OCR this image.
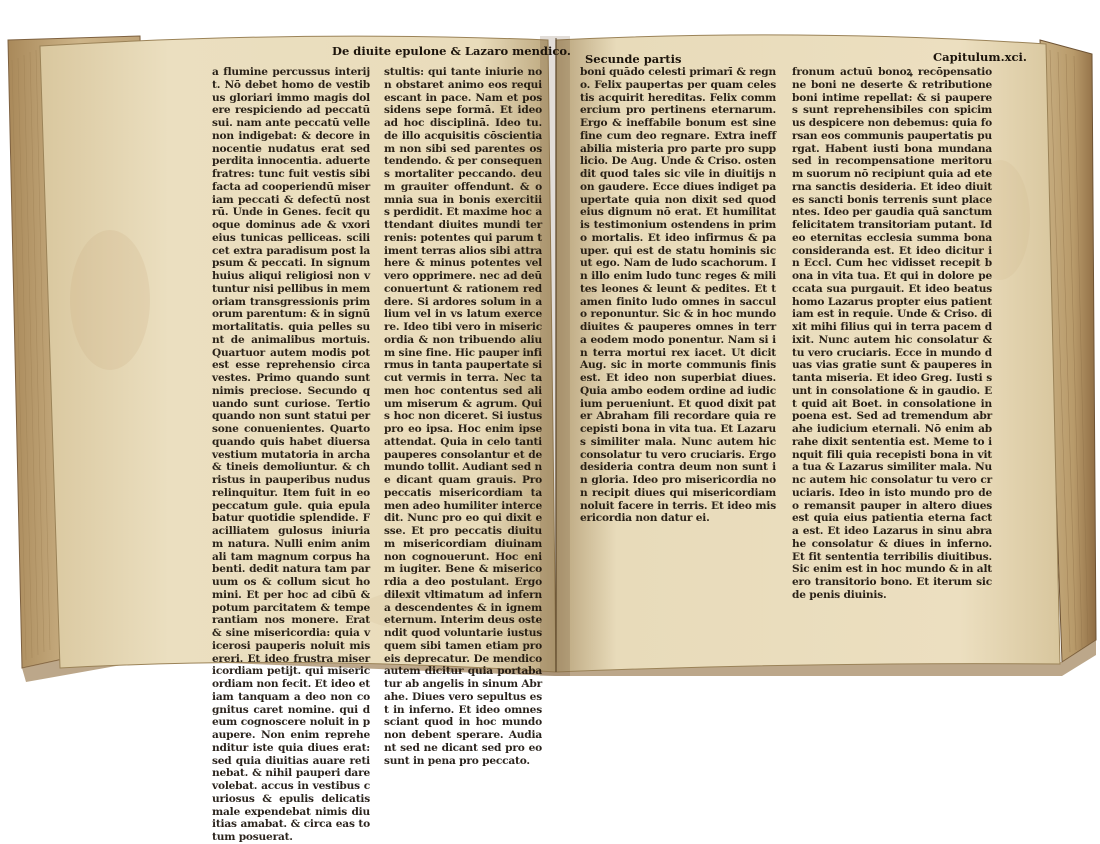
De diuite epulone & Lazaro mendico.
Secunde partis	Capitulum.xci.
a flumine percussus interijt. Nō debet homo de vestibus gloriari immo magis dolere respiciendo ad peccatū sui. nam ante peccatū velle non indigebat: & decore innocentie nudatus erat sed perdita innocentia. aduerte fratres: tunc fuit vestis sibi facta ad cooperiendū miseriam peccati & defectū nostrū. Unde in Genes. fecit quoque dominus ade & vxori eius tunicas pelliceas. scilicet extra paradisum post lapsum & peccati. In signum huius aliqui religiosi non vtuntur nisi pellibus in memoriam transgressionis primorum parentum: & in signū mortalitatis. quia pelles sunt de animalibus mortuis. Quartuor autem modis potest esse reprehensio circa vestes. Primo quando sunt nimis preciose. Secundo quando sunt curiose. Tertio quando non sunt statui persone conuenientes. Quarto quando quis habet diuersa vestium mutatoria in archa & tineis demoliuntur. & christus in pauperibus nudus relinquitur. Item fuit in eo peccatum gule. quia epulabatur quotidie splendide. Facilliatem gulosus iniuriam natura. Nulli enim animali tam magnum corpus habenti. dedit natura tam paruum os & collum sicut homini. Et per hoc ad cibū & potum parcitatem & temperantiam nos monere. Erat & sine misericordia: quia vicerosi pauperis noluit misereri. Et ideo frustra misericordiam petijt. qui misericordiam non fecit. Et ideo etiam tanquam a deo non cognitus caret nomine. qui deum cognoscere noluit in paupere. Non enim reprehenditur iste quia diues erat: sed quia diuitias auare retinebat. & nihil pauperi dare volebat. accus in vestibus curiosus & epulis delicatis male expendebat nimis diuitias amabat. & circa eas totum posuerat.
stultis: qui tante iniurie non obstaret animo eos requiescant in pace. Nam et possidens sepe formā. Et ideo ad hoc disciplinā. Ideo tu. de illo acquisitis cōscientiam non sibi sed parentes ostendendo. & per consequens mortaliter peccando. deum grauiter offendunt. & omnia sua in bonis exercitiis perdidit. Et maxime hoc attendant diuites mundi terrenis: potentes qui parum timent terras alios sibi attrahere & minus potentes vel vero opprimere. nec ad deū conuertunt & rationem reddere. Si ardores solum in alium vel in vs latum exercere. Ideo tibi vero in misericordia & non tribuendo alium sine fine. Hic pauper infirmus in tanta paupertate sicut vermis in terra. Nec tamen hoc contentus sed alium miserum & agrum. Quis hoc non diceret. Si iustus pro eo ipsa. Hoc enim ipse attendat. Quia in celo tanti pauperes consolantur et de mundo tollit. Audiant sed ne dicant quam grauis. Pro peccatis misericordiam tamen adeo humiliter intercedit. Nunc pro eo qui dixit esse. Et pro peccatis diuitum misericordiam diuinam non cognouerunt. Hoc enim iugiter. Bene & misericordia a deo postulant. Ergo dilexit vltimatum ad inferna descendentes & in ignem eternum. Interim deus ostendit quod voluntarie iustus quem sibi tamen etiam pro eis deprecatur. De mendico autem dicitur quia portabatur ab angelis in sinum Abrahe. Diues vero sepultus est in inferno. Et ideo omnes sciant quod in hoc mundo non debent sperare. Audiant sed ne dicant sed pro eo sunt in pena pro peccato.
boni quādo celesti primarī & regno. Felix paupertas per quam celestis acquirit hereditas. Felix commercium pro pertinens eternarum. Ergo & ineffabile bonum est sine fine cum deo regnare. Extra ineffabilia misteria pro parte pro supplicio. De Aug. Unde & Criso. ostendit quod tales sic vile in diuitijs non gaudere. Ecce diues indiget paupertate quia non dixit sed quod eius dignum nō erat. Et humilitatis testimonium ostendens in primo mortalis. Et ideo infirmus & pauper. qui est de statu hominis sicut ego. Nam de ludo scachorum. In illo enim ludo tunc reges & milites leones & leunt & pedites. Et tamen finito ludo omnes in sacculo reponuntur. Sic & in hoc mundo diuites & pauperes omnes in terra eodem modo ponentur. Nam si in terra mortui rex iacet. Ut dicit Aug. sic in morte communis finis est. Et ideo non superbiat diues. Quia ambo eodem ordine ad iudicium perueniunt. Et quod dixit pater Abraham fili recordare quia recepisti bona in vita tua. Et Lazarus similiter mala. Nunc autem hic consolatur tu vero cruciaris. Ergo desideria contra deum non sunt in gloria. Ideo pro misericordia non recipit diues qui misericordiam noluit facere in terris. Et ideo misericordia non datur ei.
fronum actuū bonoꝝ recōpensatione boni ne deserte & retributione boni intime repellat: & si pauperes sunt reprehensibiles con spicimus despicere non debemus: quia forsan eos communis paupertatis purgat. Habent iusti bona mundana sed in recompensatione meritorum suorum nō recipiunt quia ad eterna sanctis desideria. Et ideo diuites sancti bonis terrenis sunt placentes. Ideo per gaudia quā sanctum felicitatem transitoriam putant. Ideo eternitas ecclesia summa bona consideranda est. Et ideo dicitur in Eccl. Cum hec vidisset recepit bona in vita tua. Et qui in dolore peccata sua purgauit. Et ideo beatus homo Lazarus propter eius patientiam est in requie. Unde & Criso. dixit mihi filius qui in terra pacem dixit. Nunc autem hic consolatur & tu vero cruciaris. Ecce in mundo duas vias gratie sunt & pauperes in tanta miseria. Et ideo Greg. Iusti sunt in consolatione & in gaudio. Et quid ait Boet. in consolatione in poena est. Sed ad tremendum abrahe iudicium eternali. Nō enim abrahe dixit sententia est. Meme to inquit fili quia recepisti bona in vita tua & Lazarus similiter mala. Nunc autem hic consolatur tu vero cruciaris. Ideo in isto mundo pro deo remansit pauper in altero diues est quia eius patientia eterna facta est. Et ideo Lazarus in sinu abrahe consolatur & diues in inferno. Et fit sententia terribilis diuitibus. Sic enim est in hoc mundo & in altero transitorio bono. Et iterum sic de penis diuinis.
